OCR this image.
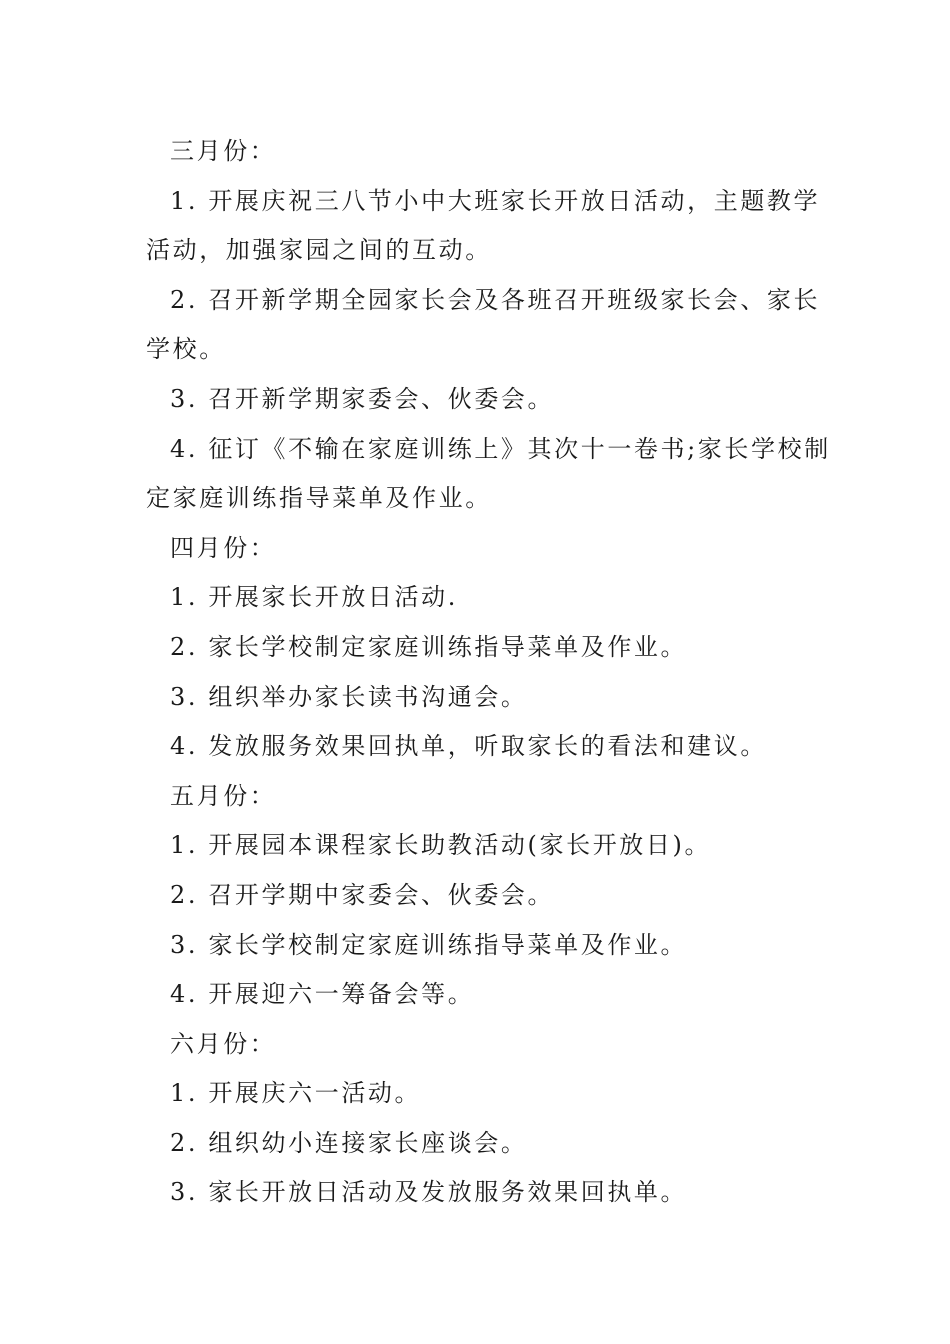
三月份：

1. 开展庆祝三八节小中大班家长开放日活动，主题教学

活动，加强家园之间的互动。

2. 召开新学期全园家长会及各班召开班级家长会、家长

学校。

3. 召开新学期家委会、伙委会。

4. 征订《不输在家庭训练上》其次十一卷书;家长学校制

定家庭训练指导菜单及作业。

四月份：

1. 开展家长开放日活动.

2. 家长学校制定家庭训练指导菜单及作业。

3. 组织举办家长读书沟通会。

4. 发放服务效果回执单，听取家长的看法和建议。

五月份：

1. 开展园本课程家长助教活动(家长开放日)。

2. 召开学期中家委会、伙委会。

3. 家长学校制定家庭训练指导菜单及作业。

4. 开展迎六一筹备会等。

六月份：

1. 开展庆六一活动。

2. 组织幼小连接家长座谈会。

3. 家长开放日活动及发放服务效果回执单。
